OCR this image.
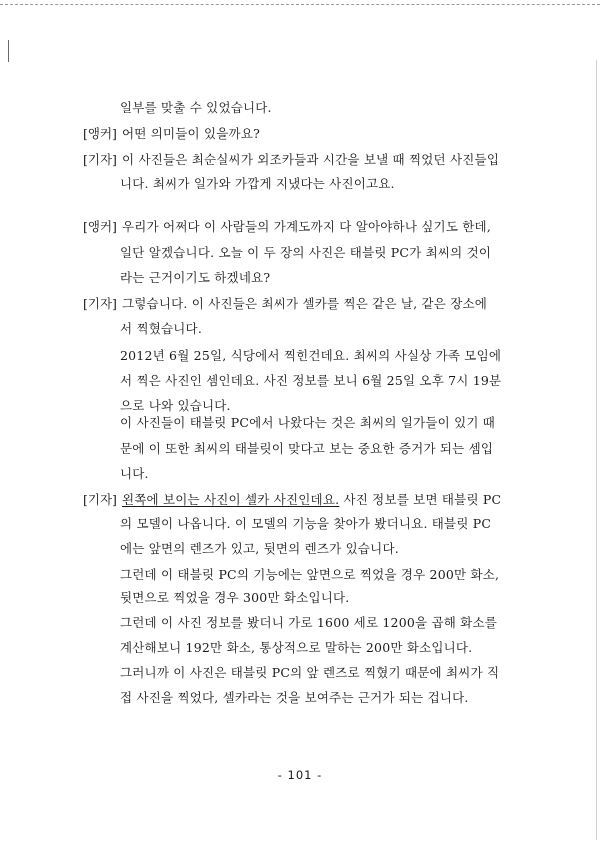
일부를 맞출 수 있었습니다.
[앵커] 어떤 의미들이 있을까요?
[기자] 이 사진들은 최순실씨가 외조카들과 시간을 보낼 때 찍었던 사진들입
니다. 최씨가 일가와 가깝게 지냈다는 사진이고요.
[앵커] 우리가 어쩌다 이 사람들의 가계도까지 다 알아야하나 싶기도 한데,
일단 알겠습니다. 오늘 이 두 장의 사진은 태블릿 PC가 최씨의 것이
라는 근거이기도 하겠네요?
[기자] 그렇습니다. 이 사진들은 최씨가 셀카를 찍은 같은 날, 같은 장소에
서 찍혔습니다.
2012년 6월 25일, 식당에서 찍힌건데요. 최씨의 사실상 가족 모임에
서 찍은 사진인 셈인데요. 사진 정보를 보니 6월 25일 오후 7시 19분
으로 나와 있습니다.
이 사진들이 태블릿 PC에서 나왔다는 것은 최씨의 일가들이 있기 때
문에 이 또한 최씨의 태블릿이 맞다고 보는 중요한 증거가 되는 셈입
니다.
[기자] 왼쪽에 보이는 사진이 셀카 사진인데요. 사진 정보를 보면 태블릿 PC
의 모델이 나옵니다. 이 모델의 기능을 찾아가 봤더니요. 태블릿 PC
에는 앞면의 렌즈가 있고, 뒷면의 렌즈가 있습니다.
그런데 이 태블릿 PC의 기능에는 앞면으로 찍었을 경우 200만 화소,
뒷면으로 찍었을 경우 300만 화소입니다.
그런데 이 사진 정보를 봤더니 가로 1600 세로 1200을 곱해 화소를
계산해보니 192만 화소, 통상적으로 말하는 200만 화소입니다.
그러니까 이 사진은 태블릿 PC의 앞 렌즈로 찍혔기 때문에 최씨가 직
접 사진을 찍었다, 셀카라는 것을 보여주는 근거가 되는 겁니다.
- 101 -
